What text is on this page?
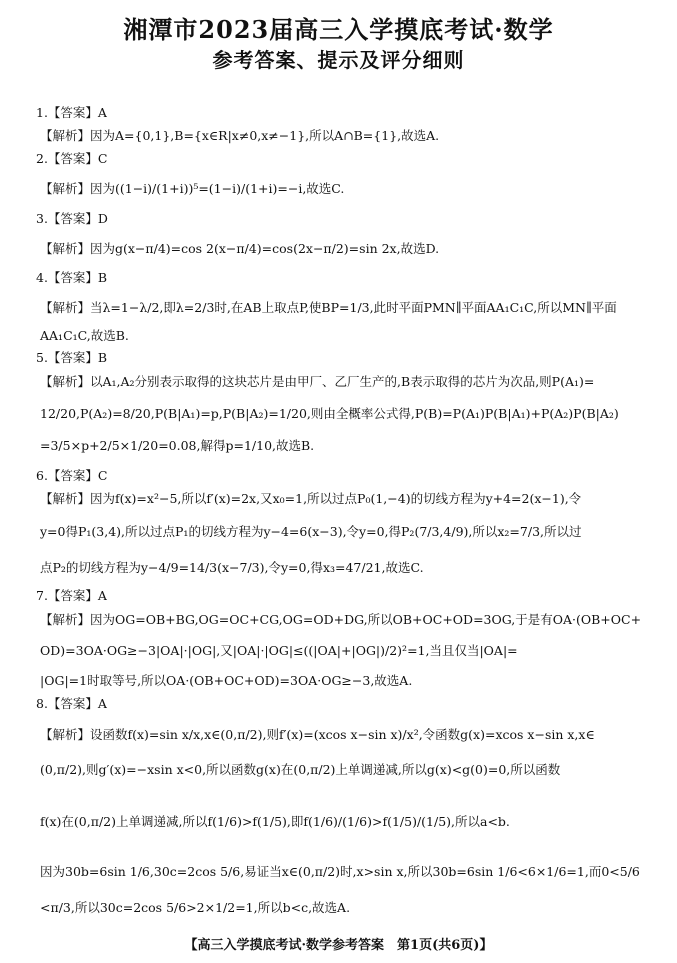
湘潭市2023届高三入学摸底考试·数学
参考答案、提示及评分细则
1.【答案】A
【解析】因为A={0,1},B={x∈R|x≠0,x≠−1},所以A∩B={1},故选A.
2.【答案】C
【解析】因为((1−i)/(1+i))⁵=(1−i)/(1+i)=−i,故选C.
3.【答案】D
【解析】因为g(x−π/4)=cos 2(x−π/4)=cos(2x−π/2)=sin 2x,故选D.
4.【答案】B
【解析】当λ=1−λ/2,即λ=2/3时,在AB上取点P,使BP=1/3,此时平面PMN∥平面AA₁C₁C,所以MN∥平面
AA₁C₁C,故选B.
5.【答案】B
【解析】以A₁,A₂分别表示取得的这块芯片是由甲厂、乙厂生产的,B表示取得的芯片为次品,则P(A₁)=
12/20,P(A₂)=8/20,P(B|A₁)=p,P(B|A₂)=1/20,则由全概率公式得,P(B)=P(A₁)P(B|A₁)+P(A₂)P(B|A₂)
=3/5×p+2/5×1/20=0.08,解得p=1/10,故选B.
6.【答案】C
【解析】因为f(x)=x²−5,所以f′(x)=2x,又x₀=1,所以过点P₀(1,−4)的切线方程为y+4=2(x−1),令
y=0得P₁(3,4),所以过点P₁的切线方程为y−4=6(x−3),令y=0,得P₂(7/3,4/9),所以x₂=7/3,所以过
点P₂的切线方程为y−4/9=14/3(x−7/3),令y=0,得x₃=47/21,故选C.
7.【答案】A
【解析】因为OG=OB+BG,OG=OC+CG,OG=OD+DG,所以OB+OC+OD=3OG,于是有OA·(OB+OC+
OD)=3OA·OG≥−3|OA|·|OG|,又|OA|·|OG|≤((|OA|+|OG|)/2)²=1,当且仅当|OA|=
|OG|=1时取等号,所以OA·(OB+OC+OD)=3OA·OG≥−3,故选A.
8.【答案】A
【解析】设函数f(x)=sin x/x,x∈(0,π/2),则f′(x)=(xcos x−sin x)/x²,令函数g(x)=xcos x−sin x,x∈
(0,π/2),则g′(x)=−xsin x<0,所以函数g(x)在(0,π/2)上单调递减,所以g(x)<g(0)=0,所以函数
f(x)在(0,π/2)上单调递减,所以f(1/6)>f(1/5),即f(1/6)/(1/6)>f(1/5)/(1/5),所以a<b.
因为30b=6sin 1/6,30c=2cos 5/6,易证当x∈(0,π/2)时,x>sin x,所以30b=6sin 1/6<6×1/6=1,而0<5/6
<π/3,所以30c=2cos 5/6>2×1/2=1,所以b<c,故选A.
【高三入学摸底考试·数学参考答案　第1页(共6页)】
